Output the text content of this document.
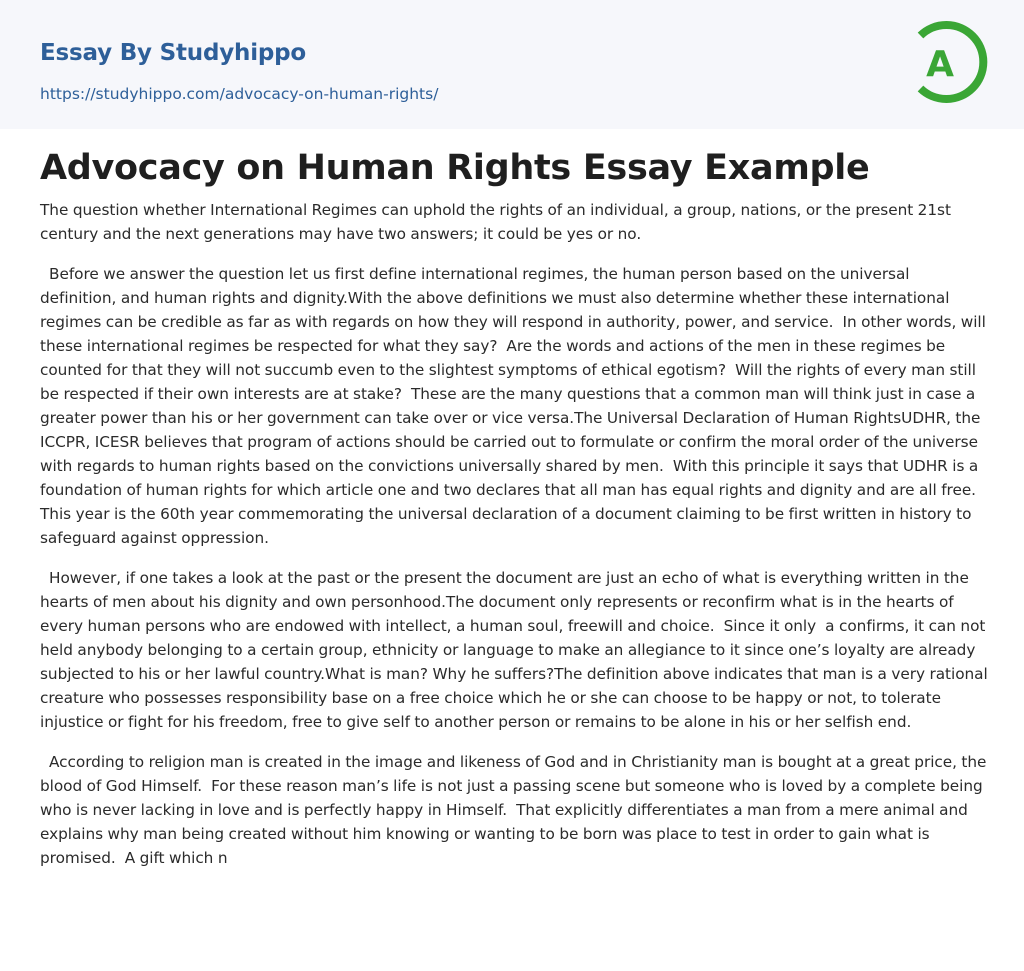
Essay By Studyhippo
https://studyhippo.com/advocacy-on-human-rights/
A
Advocacy on Human Rights Essay Example

The question whether International Regimes can uphold the rights of an individual, a group, nations, or the present 21st century and the next generations may have two answers; it could be yes or no.

Before we answer the question let us first define international regimes, the human person based on the universal definition, and human rights and dignity.With the above definitions we must also determine whether these international regimes can be credible as far as with regards on how they will respond in authority, power, and service.  In other words, will these international regimes be respected for what they say?  Are the words and actions of the men in these regimes be counted for that they will not succumb even to the slightest symptoms of ethical egotism?  Will the rights of every man still be respected if their own interests are at stake?  These are the many questions that a common man will think just in case a greater power than his or her government can take over or vice versa.The Universal Declaration of Human RightsUDHR, the ICCPR, ICESR believes that program of actions should be carried out to formulate or confirm the moral order of the universe with regards to human rights based on the convictions universally shared by men.  With this principle it says that UDHR is a foundation of human rights for which article one and two declares that all man has equal rights and dignity and are all free.  This year is the 60th year commemorating the universal declaration of a document claiming to be first written in history to safeguard against oppression.

However, if one takes a look at the past or the present the document are just an echo of what is everything written in the hearts of men about his dignity and own personhood.The document only represents or reconfirm what is in the hearts of every human persons who are endowed with intellect, a human soul, freewill and choice.  Since it only  a confirms, it can not held anybody belonging to a certain group, ethnicity or language to make an allegiance to it since one’s loyalty are already subjected to his or her lawful country.What is man? Why he suffers?The definition above indicates that man is a very rational creature who possesses responsibility base on a free choice which he or she can choose to be happy or not, to tolerate injustice or fight for his freedom, free to give self to another person or remains to be alone in his or her selfish end.

According to religion man is created in the image and likeness of God and in Christianity man is bought at a great price, the blood of God Himself.  For these reason man’s life is not just a passing scene but someone who is loved by a complete being who is never lacking in love and is perfectly happy in Himself.  That explicitly differentiates a man from a mere animal and explains why man being created without him knowing or wanting to be born was place to test in order to gain what is promised.  A gift which n
